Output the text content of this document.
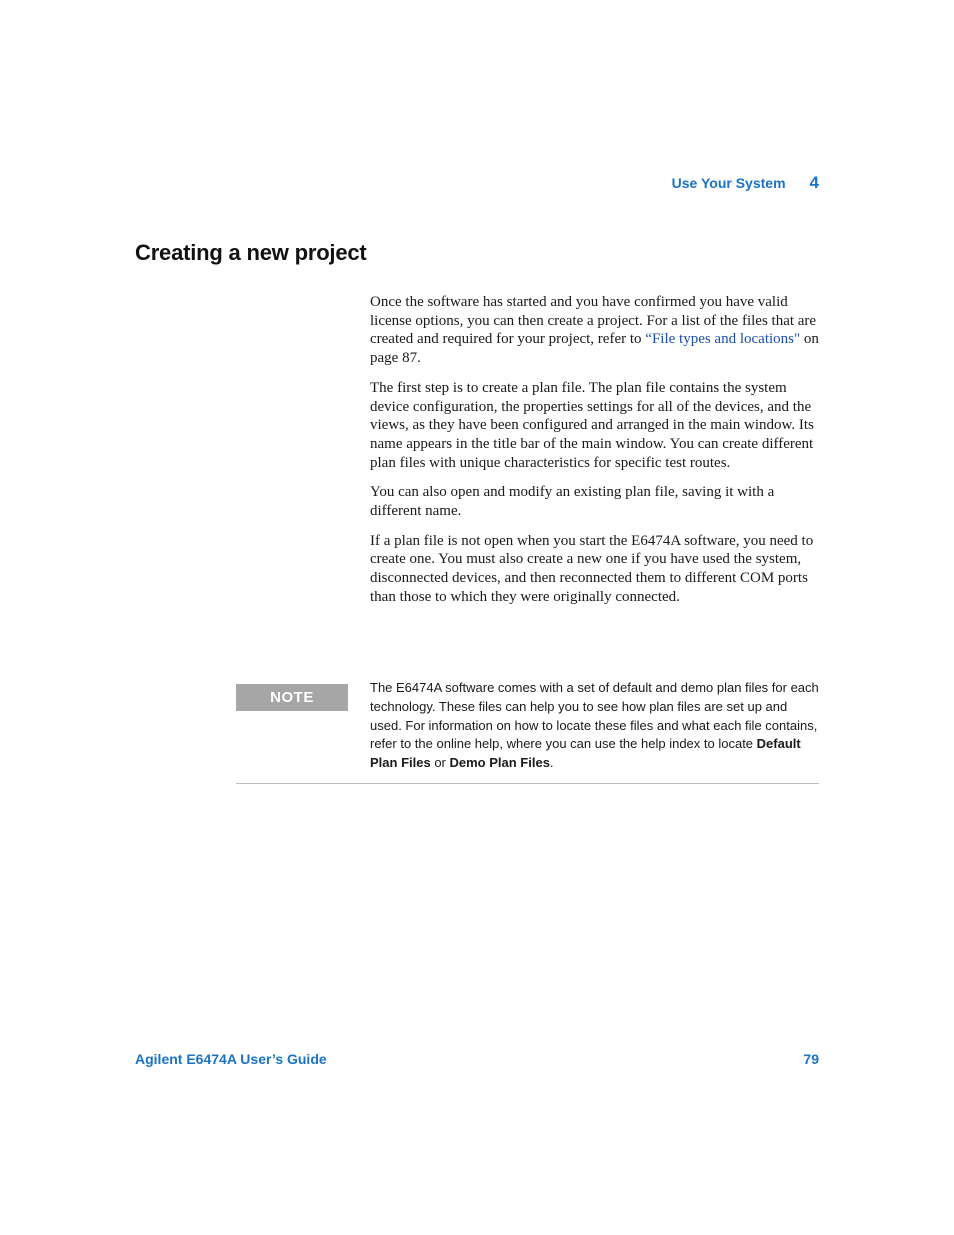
Use Your System 4
Creating a new project

Once the software has started and you have confirmed you have valid license options, you can then create a project. For a list of the files that are created and required for your project, refer to “File types and locations" on page 87.

The first step is to create a plan file. The plan file contains the system device configuration, the properties settings for all of the devices, and the views, as they have been configured and arranged in the main window. Its name appears in the title bar of the main window. You can create different plan files with unique characteristics for specific test routes.

You can also open and modify an existing plan file, saving it with a different name.

If a plan file is not open when you start the E6474A software, you need to create one. You must also create a new one if you have used the system, disconnected devices, and then reconnected them to different COM ports than those to which they were originally connected.

NOTE

The E6474A software comes with a set of default and demo plan files for each technology. These files can help you to see how plan files are set up and used. For information on how to locate these files and what each file contains, refer to the online help, where you can use the help index to locate Default Plan Files or Demo Plan Files.

Agilent E6474A User’s Guide	79
